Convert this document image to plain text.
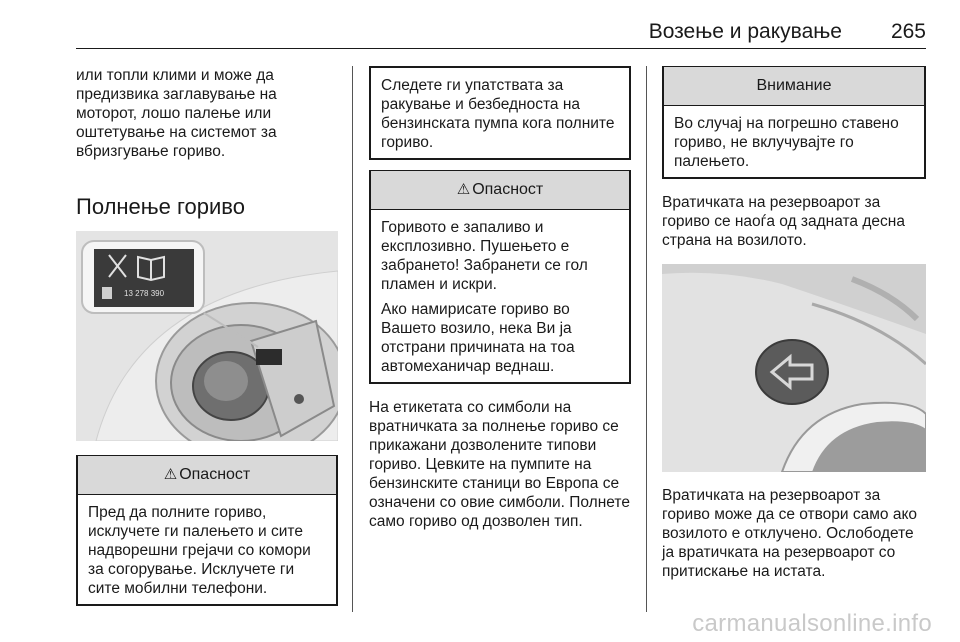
Возење и ракување 265

или топли клими и може да предизвика заглавување на моторот, лошо палење или оштетување на системот за вбризгување гориво.

Полнење гориво

13 278 390
⚠ Опасност

Пред да полните гориво, исклучете ги палењето и сите надворешни грејачи со комори за согорување. Исклучете ги сите мобилни телефони.

Следете ги упатствата за ракување и безбедноста на бензинската пумпа кога полните гориво.

⚠ Опасност

Горивото е запаливо и експлозивно. Пушењето е забрането! Забранети се гол пламен и искри.

Ако намирисате гориво во Вашето возило, нека Ви ја отстрани причината на тоа автомеханичар веднаш.

На етикетата со симболи на вратничката за полнење гориво се прикажани дозволените типови гориво. Цевките на пумпите на бензинските станици во Европа се означени со овие симболи. Полнете само гориво од дозволен тип.

Внимание

Во случај на погрешно ставено гориво, не вклучувајте го палењето.

Вратичката на резервоарот за гориво се наоѓа од задната десна страна на возилото.

Вратичката на резервоарот за гориво може да се отвори само ако возилото е отклучено. Ослободете ја вратичката на резервоарот со притискање на истата.

carmanualsonline.info
